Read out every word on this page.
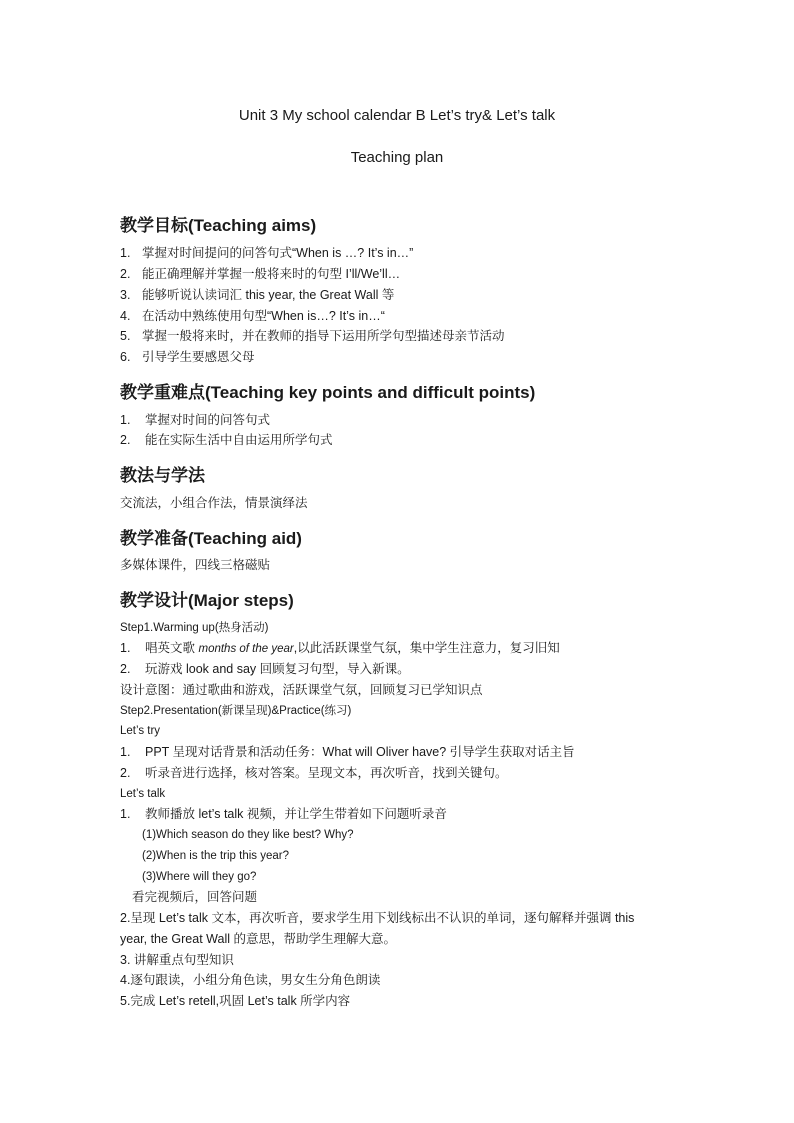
Unit 3 My school calendar B Let’s try& Let’s talk
Teaching plan
教学目标(Teaching aims)
1. 掌握对时间提问的问答句式“When is …? It’s in…”
2. 能正确理解并掌握一般将来时的句型 I’ll/We’ll…
3. 能够听说认读词汇 this year, the Great Wall 等
4. 在活动中熟练使用句型“When is…? It’s in…“
5. 掌握一般将来时，并在教师的指导下运用所学句型描述母亲节活动
6. 引导学生要感恩父母
教学重难点(Teaching key points and difficult points)
1. 掌握对时间的问答句式
2. 能在实际生活中自由运用所学句式
教法与学法
交流法，小组合作法，情景演绎法
教学准备(Teaching aid)
多媒体课件，四线三格磁贴
教学设计(Major steps)
Step1.Warming up(热身活动)
1. 唱英文歌 months of the year,以此活跃课堂气氛，集中学生注意力，复习旧知
2. 玩游戏 look and say 回顾复习句型，导入新课。
设计意图：通过歌曲和游戏，活跃课堂气氛，回顾复习已学知识点
Step2.Presentation(新课呈现)&Practice(练习)
Let’s try
1. PPT 呈现对话背景和活动任务：What will Oliver have? 引导学生获取对话主旨
2. 听录音进行选择，核对答案。呈现文本，再次听音，找到关键句。
Let’s talk
1. 教师播放 let’s talk 视频，并让学生带着如下问题听录音
(1)Which season do they like best? Why?
(2)When is the trip this year?
(3)Where will they go?
看完视频后，回答问题
2.呈现 Let’s talk 文本，再次听音，要求学生用下划线标出不认识的单词，逐句解释并强调 this
year, the Great Wall 的意思，帮助学生理解大意。
3. 讲解重点句型知识
4.逐句跟读，小组分角色读，男女生分角色朗读
5.完成 Let’s retell,巩固 Let’s talk 所学内容
